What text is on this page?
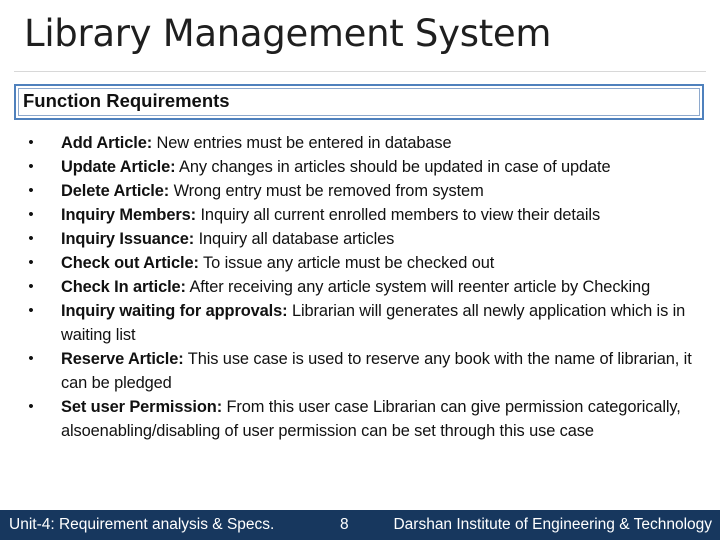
Library Management System
Function Requirements
• Add Article: New entries must be entered in database
• Update Article: Any changes in articles should be updated in case of update
• Delete Article: Wrong entry must be removed from system
• Inquiry Members: Inquiry all current enrolled members to view their details
• Inquiry Issuance: Inquiry all database articles
• Check out Article: To issue any article must be checked out
• Check In article: After receiving any article system will reenter article by Checking
• Inquiry waiting for approvals: Librarian will generates all newly application which is in waiting list
• Reserve Article: This use case is used to reserve any book with the name of librarian, it can be pledged
• Set user Permission: From this user case Librarian can give permission categorically, alsoenabling/disabling of user permission can be set through this use case
Unit-4: Requirement analysis & Specs.	8	Darshan Institute of Engineering & Technology
